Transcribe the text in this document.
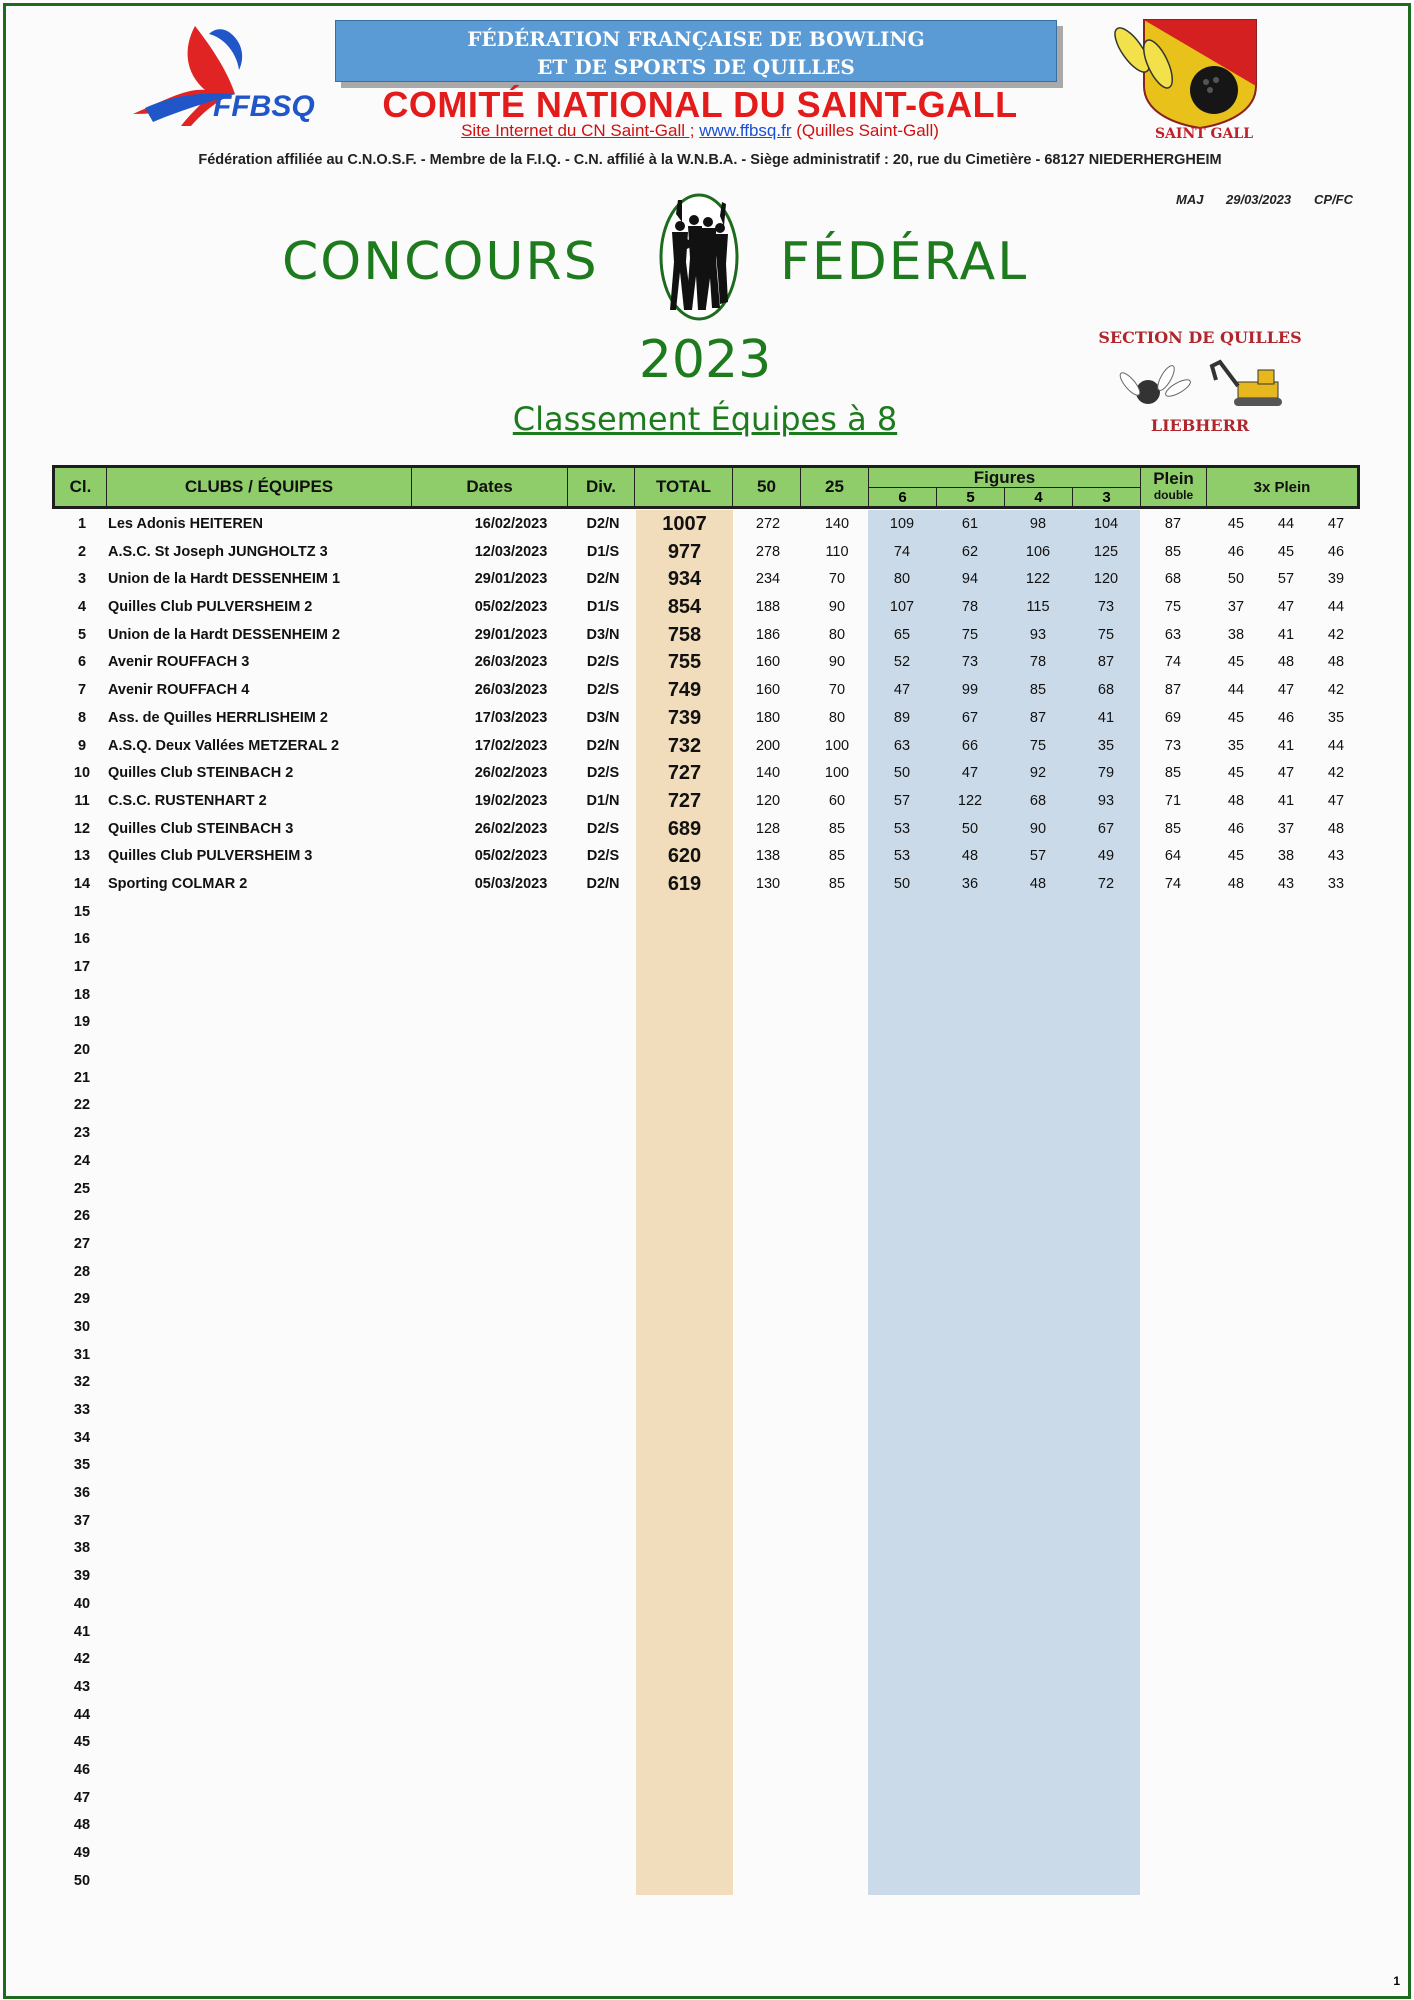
FFBSQ
FÉDÉRATION FRANÇAISE DE BOWLING
ET DE SPORTS DE QUILLES
COMITÉ NATIONAL DU SAINT-GALL
Site Internet du CN Saint-Gall ; www.ffbsq.fr (Quilles Saint-Gall)	SAINT GALL
Fédération affiliée au C.N.O.S.F. - Membre de la F.I.Q. - C.N. affilié à la W.N.B.A. - Siège administratif : 20, rue du Cimetière - 68127 NIEDERHERGHEIM
MAJ 29/03/2023 CP/FC
CONCOURS	FÉDÉRAL
2023
Classement Équipes à 8
SECTION DE QUILLES
LIEBHERR
Cl.	CLUBS / ÉQUIPES	Dates	Div.	TOTAL	50	25	Figures
6	5	4	3
Plein
double	3x Plein
1	Les Adonis HEITEREN	16/02/2023	D2/N	1007	272	140	109	61	98	104	87	45	44	47
2	A.S.C. St Joseph JUNGHOLTZ 3	12/03/2023	D1/S	977	278	110	74	62	106	125	85	46	45	46
3	Union de la Hardt DESSENHEIM 1	29/01/2023	D2/N	934	234	70	80	94	122	120	68	50	57	39
4	Quilles Club PULVERSHEIM 2	05/02/2023	D1/S	854	188	90	107	78	115	73	75	37	47	44
5	Union de la Hardt DESSENHEIM 2	29/01/2023	D3/N	758	186	80	65	75	93	75	63	38	41	42
6	Avenir ROUFFACH 3	26/03/2023	D2/S	755	160	90	52	73	78	87	74	45	48	48
7	Avenir ROUFFACH 4	26/03/2023	D2/S	749	160	70	47	99	85	68	87	44	47	42
8	Ass. de Quilles HERRLISHEIM 2	17/03/2023	D3/N	739	180	80	89	67	87	41	69	45	46	35
9	A.S.Q. Deux Vallées METZERAL 2	17/02/2023	D2/N	732	200	100	63	66	75	35	73	35	41	44
10	Quilles Club STEINBACH 2	26/02/2023	D2/S	727	140	100	50	47	92	79	85	45	47	42
11	C.S.C. RUSTENHART 2	19/02/2023	D1/N	727	120	60	57	122	68	93	71	48	41	47
12	Quilles Club STEINBACH 3	26/02/2023	D2/S	689	128	85	53	50	90	67	85	46	37	48
13	Quilles Club PULVERSHEIM 3	05/02/2023	D2/S	620	138	85	53	48	57	49	64	45	38	43
14	Sporting COLMAR 2	05/03/2023	D2/N	619	130	85	50	36	48	72	74	48	43	33
15
16
17
18
19
20
21
22
23
24
25
26
27
28
29
30
31
32
33
34
35
36
37
38
39
40
41
42
43
44
45
46
47
48
49
50
1
